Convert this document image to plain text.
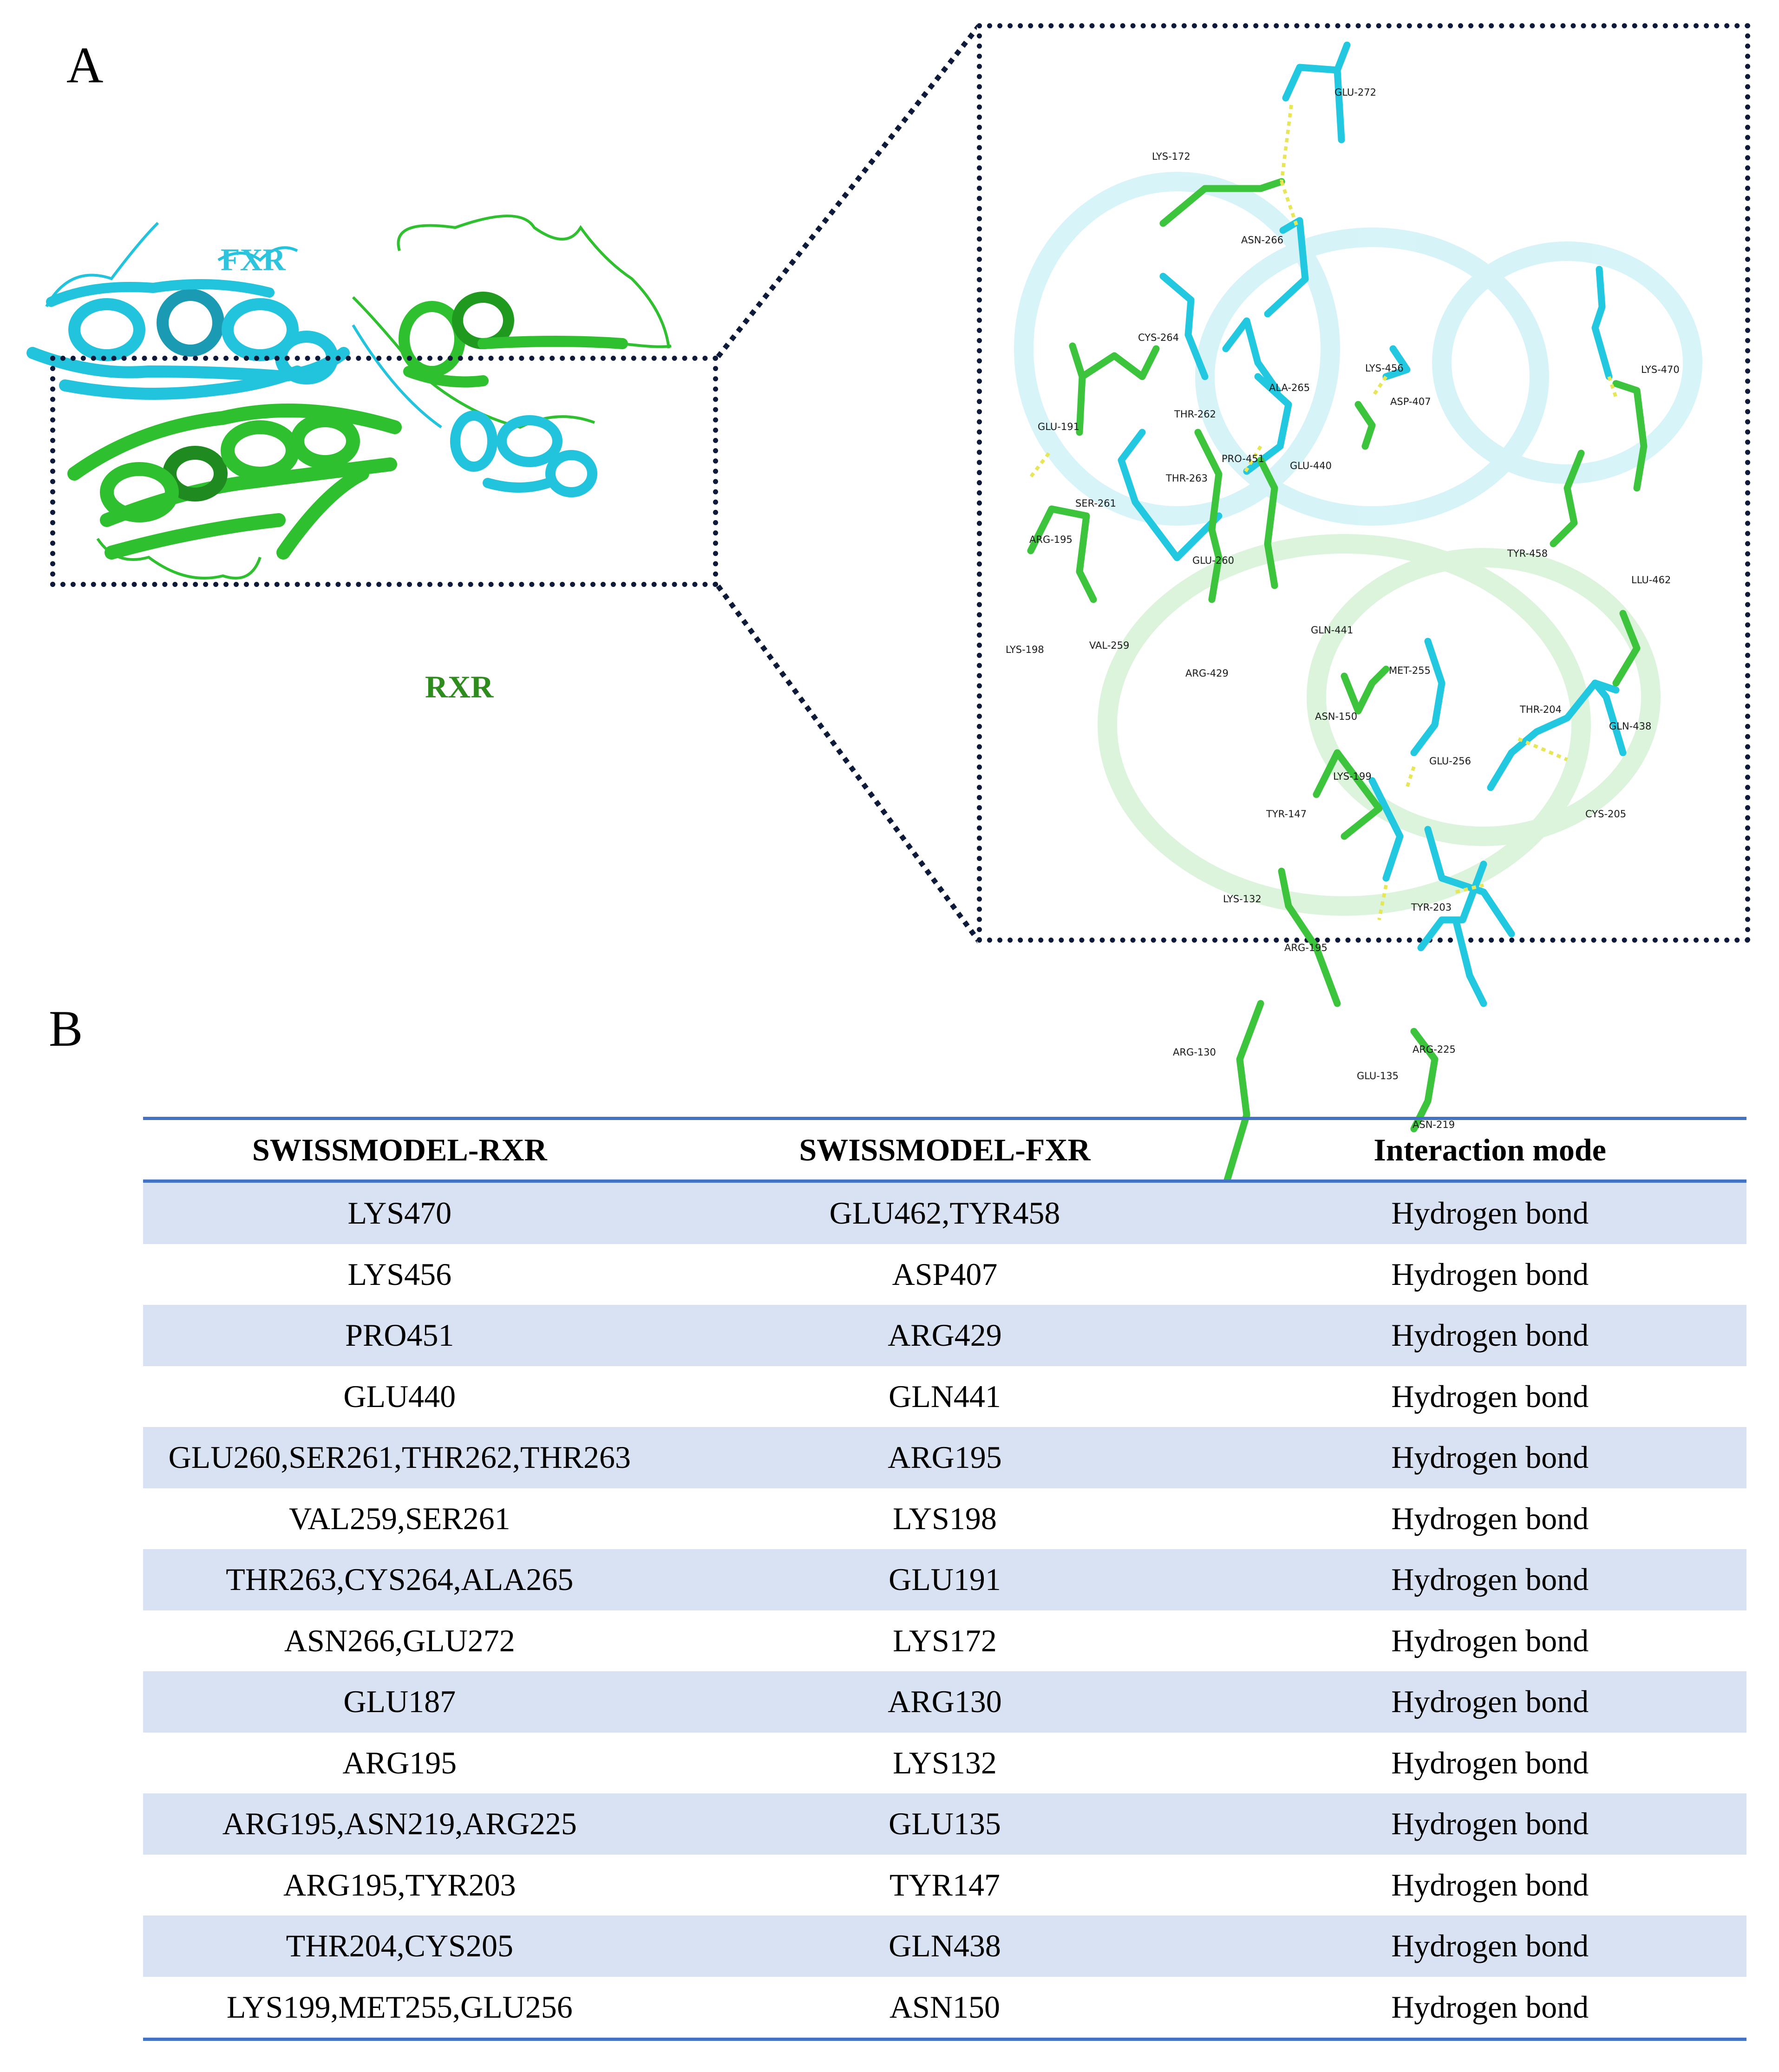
A
B
FXR
RXR
GLU-272
LYS-172
ASN-266
CYS-264
GLU-191
THR-262
ALA-265
LYS-456
ASP-407
LYS-470
THR-263
PRO-451
GLU-440
SER-261
ARG-195
GLU-260
TYR-458
LLU-462
GLN-441
LYS-198	VAL-259
ARG-429	MET-255
ASN-150
THR-204
GLN-438
LYS-199
GLU-256
TYR-147	CYS-205
LYS-132
TYR-203
ARG-195
ARG-130	ARG-225
GLU-135
ASN-219
SWISSMODEL-RXR	SWISSMODEL-FXR	Interaction mode
LYS470	GLU462,TYR458	Hydrogen bond
LYS456	ASP407	Hydrogen bond
PRO451	ARG429	Hydrogen bond
GLU440	GLN441	Hydrogen bond
GLU260,SER261,THR262,THR263	ARG195	Hydrogen bond
VAL259,SER261	LYS198	Hydrogen bond
THR263,CYS264,ALA265	GLU191	Hydrogen bond
ASN266,GLU272	LYS172	Hydrogen bond
GLU187	ARG130	Hydrogen bond
ARG195	LYS132	Hydrogen bond
ARG195,ASN219,ARG225	GLU135	Hydrogen bond
ARG195,TYR203	TYR147	Hydrogen bond
THR204,CYS205	GLN438	Hydrogen bond
LYS199,MET255,GLU256	ASN150	Hydrogen bond
